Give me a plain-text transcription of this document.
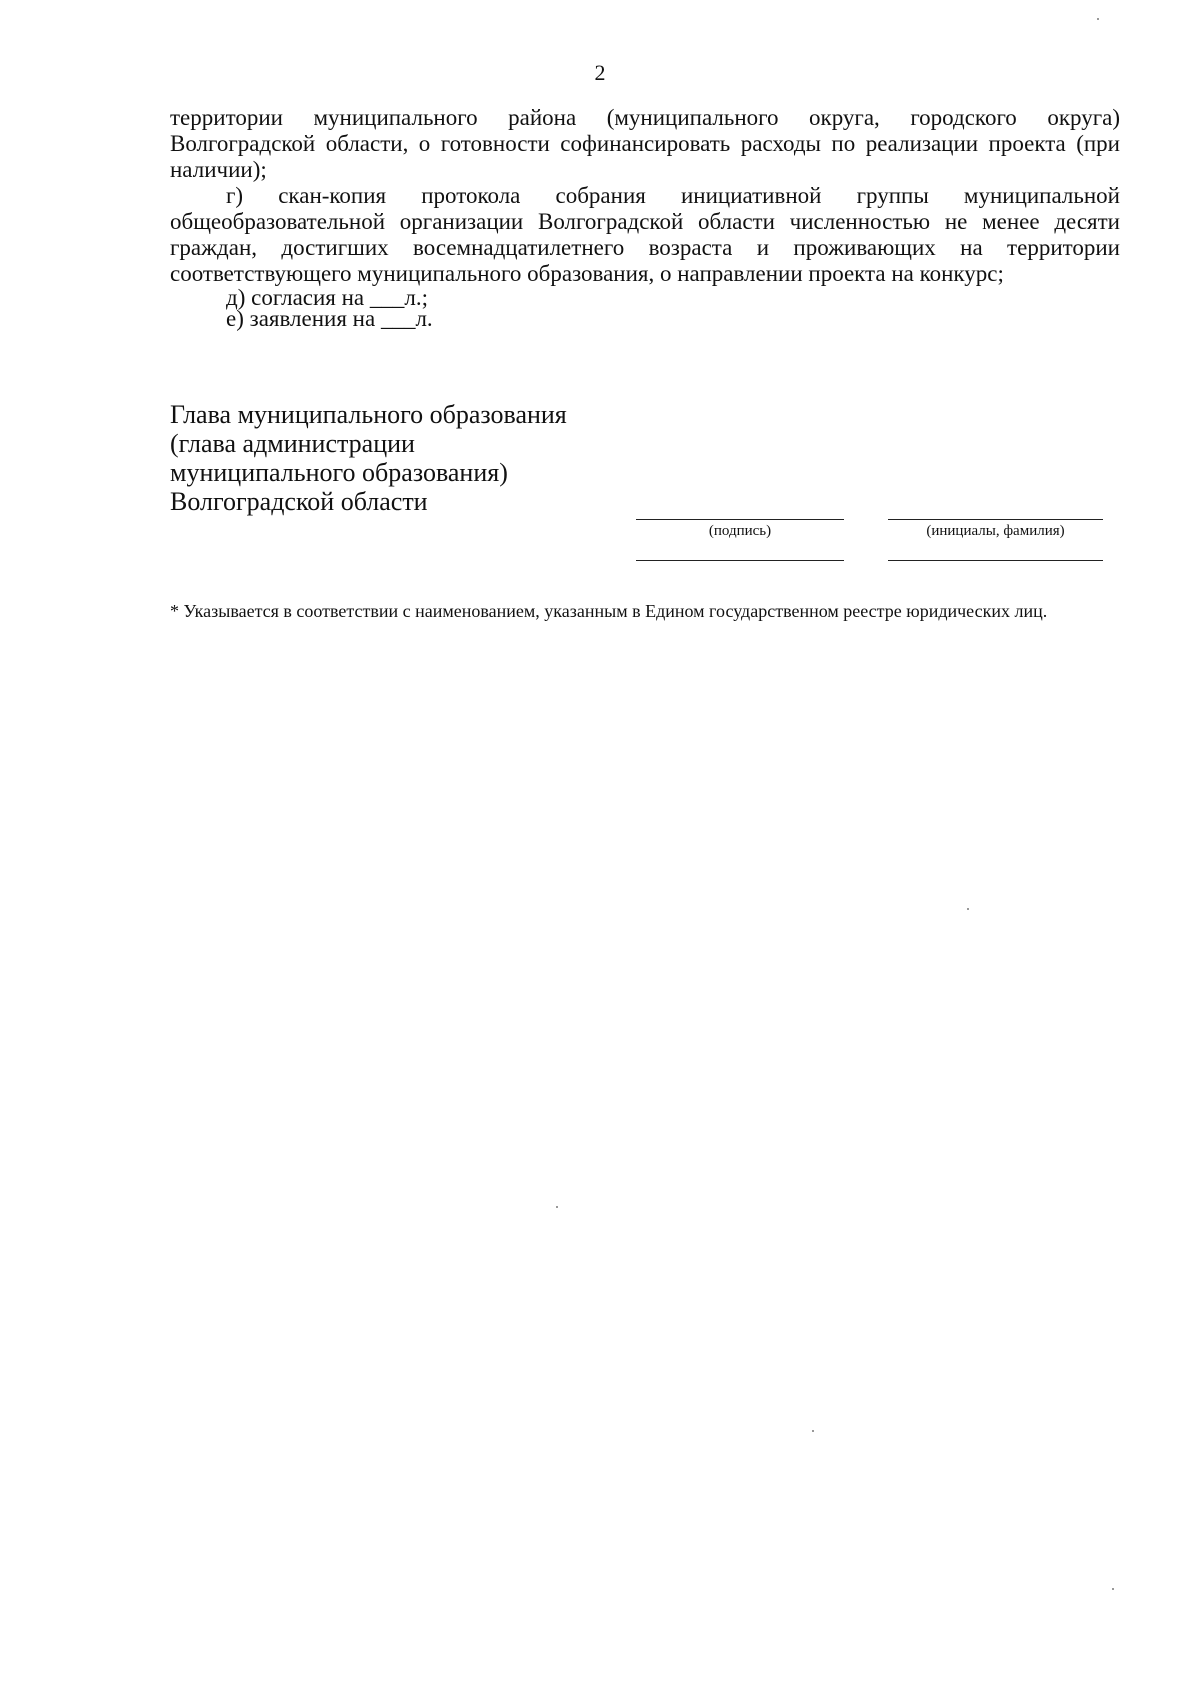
2

территории муниципального района (муниципального округа, городского округа) Волгоградской области, о готовности софинансировать расходы по реализации проекта (при наличии);

г) скан-копия протокола собрания инициативной группы муниципальной общеобразовательной организации Волгоградской области численностью не менее десяти граждан, достигших восемнадцатилетнего возраста и проживающих на территории соответствующего муниципального образования, о направлении проекта на конкурс;

д) согласия на ___л.;

е) заявления на ___л.

Глава муниципального образования
(глава администрации
муниципального образования)
Волгоградской области
(подпись)	(инициалы, фамилия)

* Указывается в соответствии с наименованием, указанным в Едином государственном реестре юридических лиц.
